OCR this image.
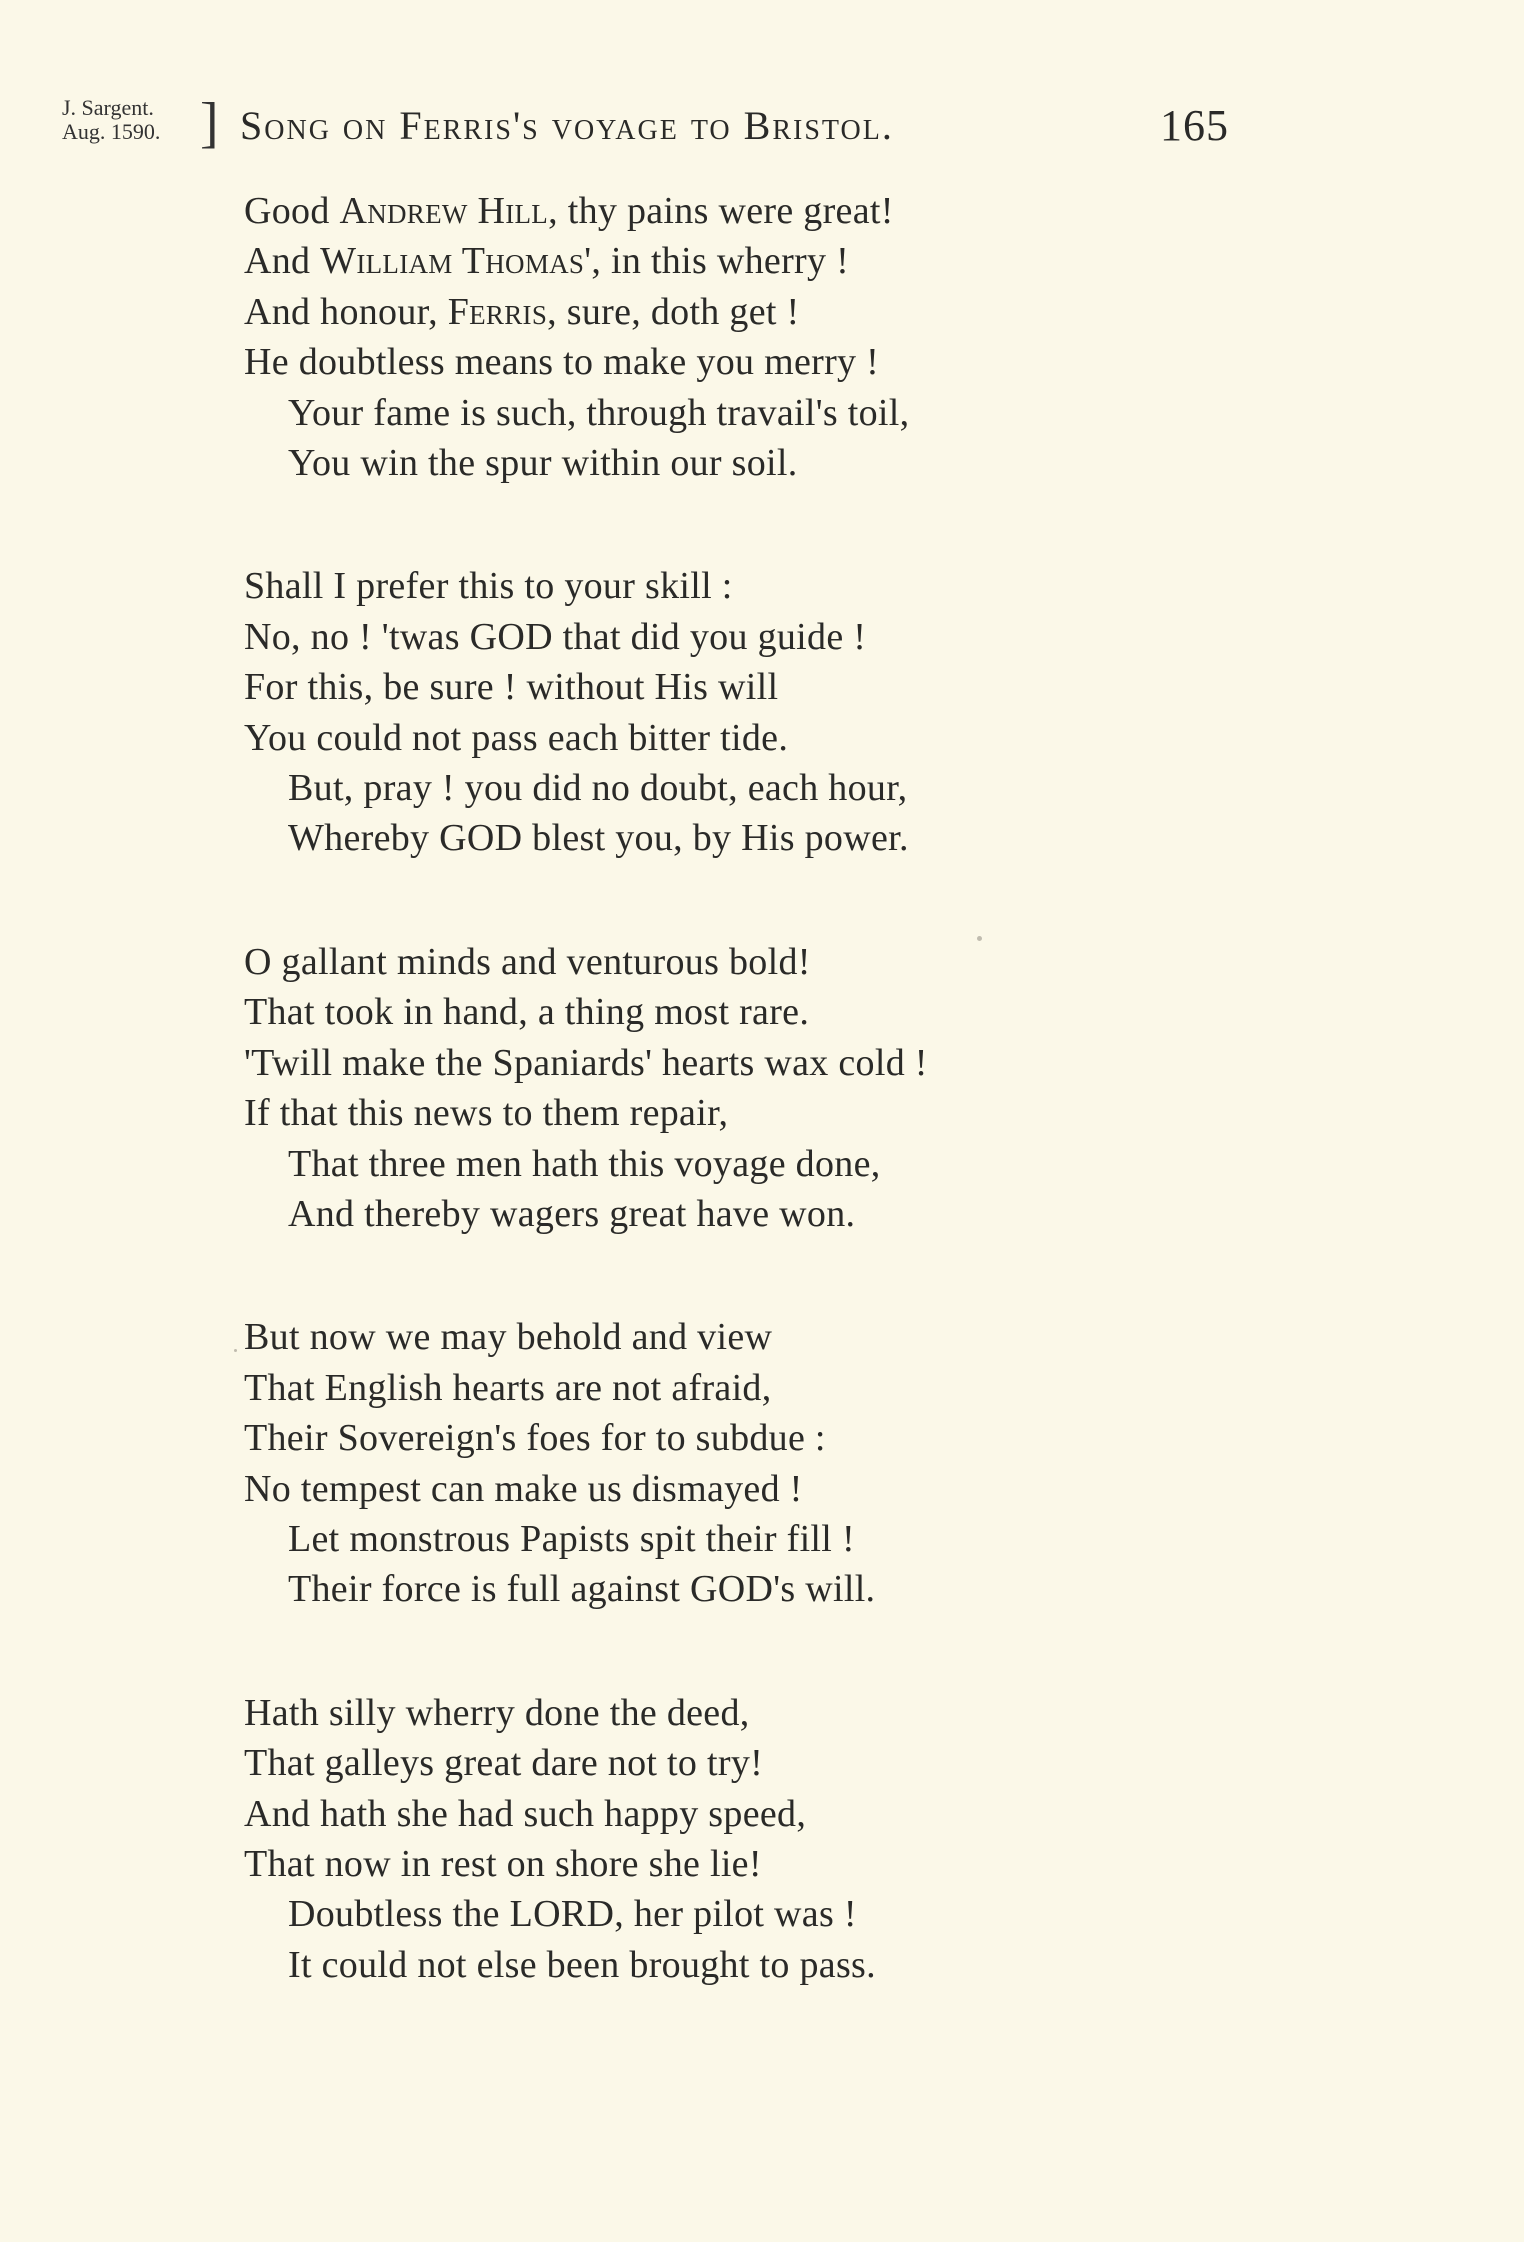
J. Sargent.
Aug. 1590. ] Song on Ferris's voyage to Bristol.	165
Good Andrew Hill, thy pains were great!
And William Thomas', in this wherry !
And honour, Ferris, sure, doth get !
He doubtless means to make you merry !
Your fame is such, through travail's toil,
You win the spur within our soil.
Shall I prefer this to your skill :
No, no ! 'twas GOD that did you guide !
For this, be sure ! without His will
You could not pass each bitter tide.
But, pray ! you did no doubt, each hour,
Whereby GOD blest you, by His power.
O gallant minds and venturous bold!
That took in hand, a thing most rare.
'Twill make the Spaniards' hearts wax cold !
If that this news to them repair,
That three men hath this voyage done,
And thereby wagers great have won.
But now we may behold and view
That English hearts are not afraid,
Their Sovereign's foes for to subdue :
No tempest can make us dismayed !
Let monstrous Papists spit their fill !
Their force is full against GOD's will.
Hath silly wherry done the deed,
That galleys great dare not to try!
And hath she had such happy speed,
That now in rest on shore she lie!
Doubtless the LORD, her pilot was !
It could not else been brought to pass.
